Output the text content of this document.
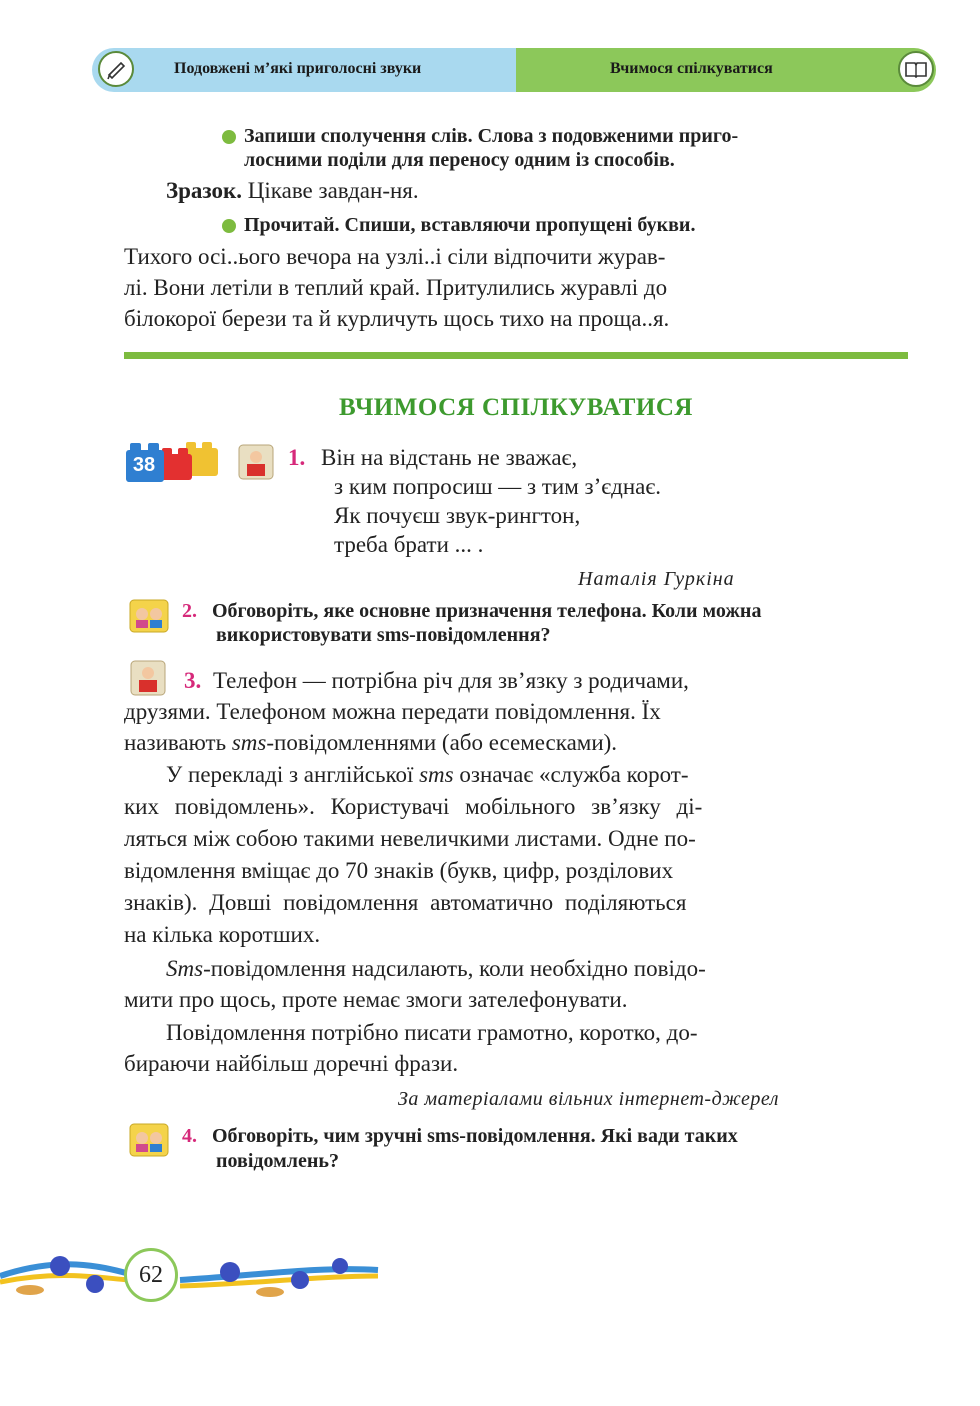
Подовжені м’які приголосні звуки	Вчимося спілкуватися
Запиши сполучення слів. Слова з подовженими приго-
лосними поділи для переносу одним із способів.
Зразок. Цікаве завдан-ня.
Прочитай. Спиши, вставляючи пропущені букви.
Тихого осі..ього вечора на узлі..і сіли відпочити журав-
лі. Вони летіли в теплий край. Притулились журавлі до
білокорої берези та й курличуть щось тихо на проща..я.
ВЧИМОСЯ СПІЛКУВАТИСЯ
38	1. Він на відстань не зважає,
з ким попросиш — з тим з’єднає.
Як почуєш звук-рингтон,
треба брати ... .
Наталія Гуркіна
2. Обговоріть, яке основне призначення телефона. Коли можна
використовувати sms-повідомлення?
3. Телефон — потрібна річ для зв’язку з родичами,
друзями. Телефоном можна передати повідомлення. Їх
називають sms-повідомленнями (або есемесками).
У перекладі з англійської sms означає «служба корот-
ких повідомлень». Користувачі мобільного зв’язку ді-
ляться між собою такими невеличкими листами. Одне по-
відомлення вміщає до 70 знаків (букв, цифр, розділових
знаків). Довші повідомлення автоматично поділяються
на кілька коротших.
Sms-повідомлення надсилають, коли необхідно повідо-
мити про щось, проте немає змоги зателефонувати.
Повідомлення потрібно писати грамотно, коротко, до-
бираючи найбільш доречні фрази.
За матеріалами вільних інтернет-джерел
4. Обговоріть, чим зручні sms-повідомлення. Які вади таких
повідомлень?
62
